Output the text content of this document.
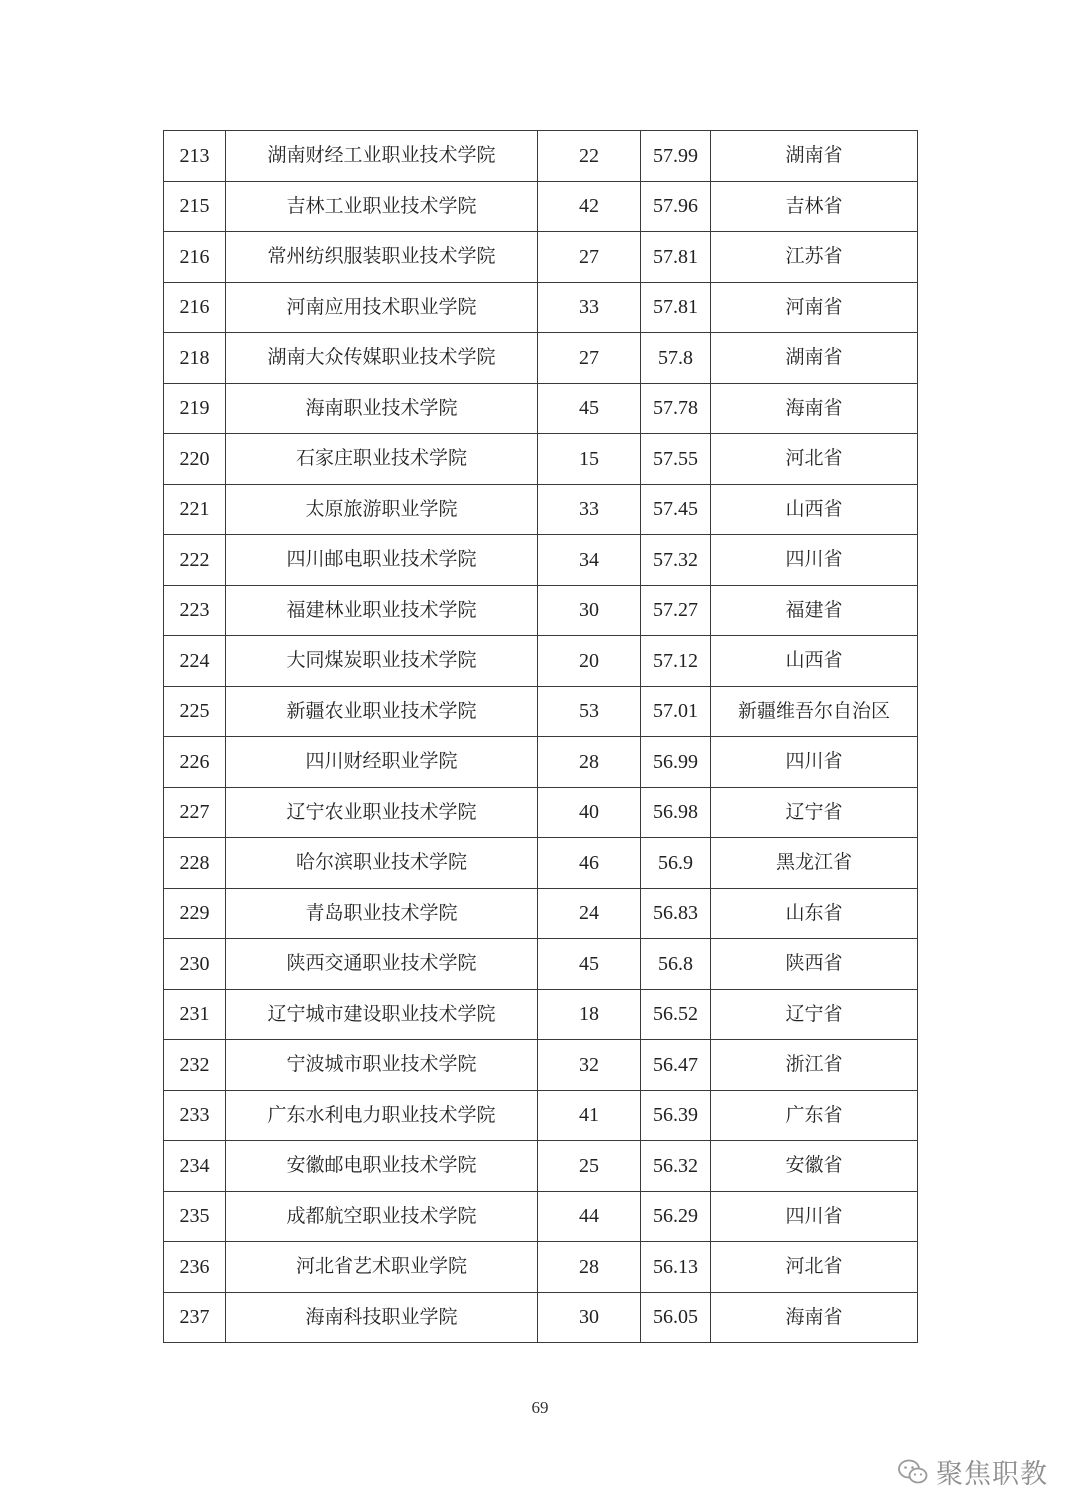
213	湖南财经工业职业技术学院	22	57.99	湖南省
215	吉林工业职业技术学院	42	57.96	吉林省
216	常州纺织服装职业技术学院	27	57.81	江苏省
216	河南应用技术职业学院	33	57.81	河南省
218	湖南大众传媒职业技术学院	27	57.8	湖南省
219	海南职业技术学院	45	57.78	海南省
220	石家庄职业技术学院	15	57.55	河北省
221	太原旅游职业学院	33	57.45	山西省
222	四川邮电职业技术学院	34	57.32	四川省
223	福建林业职业技术学院	30	57.27	福建省
224	大同煤炭职业技术学院	20	57.12	山西省
225	新疆农业职业技术学院	53	57.01	新疆维吾尔自治区
226	四川财经职业学院	28	56.99	四川省
227	辽宁农业职业技术学院	40	56.98	辽宁省
228	哈尔滨职业技术学院	46	56.9	黑龙江省
229	青岛职业技术学院	24	56.83	山东省
230	陕西交通职业技术学院	45	56.8	陕西省
231	辽宁城市建设职业技术学院	18	56.52	辽宁省
232	宁波城市职业技术学院	32	56.47	浙江省
233	广东水利电力职业技术学院	41	56.39	广东省
234	安徽邮电职业技术学院	25	56.32	安徽省
235	成都航空职业技术学院	44	56.29	四川省
236	河北省艺术职业学院	28	56.13	河北省
237	海南科技职业学院	30	56.05	海南省
69
聚焦职教
